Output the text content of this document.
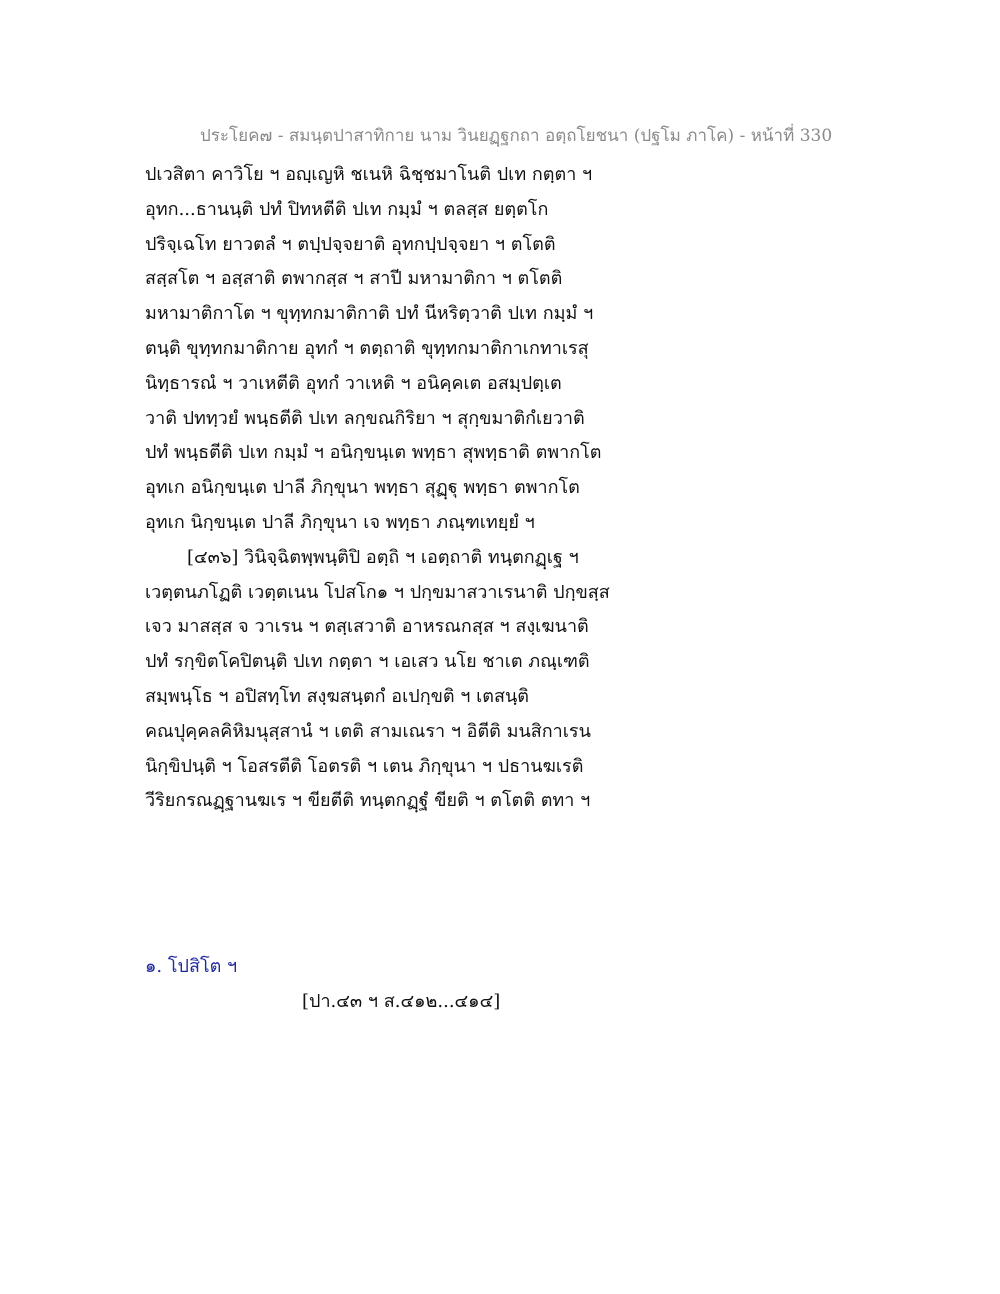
ประโยค๗ - สมนฺตปาสาทิกาย นาม วินยฏฺฐกถา อตฺถโยชนา (ปฐโม ภาโค) - หน้าที่ 330
ปเวสิตา คาวิโย ฯ อญฺเญหิ ชเนหิ ฉิชฺชมาโนติ ปเท กตฺตา ฯ
อุทก...ธานนฺติ ปทํ ปิทหตีติ ปเท กมฺมํ ฯ ตลสฺส ยตฺตโก
ปริจฺเฉโท ยาวตลํ ฯ ตปฺปจฺจยาติ อุทกปฺปจฺจยา ฯ ตโตติ
สสฺสโต ฯ อสฺสาติ ตพากสฺส ฯ สาปี มหามาติกา ฯ ตโตติ
มหามาติกาโต ฯ ขุทฺทกมาติกาติ ปทํ นีหริตฺวาติ ปเท กมฺมํ ฯ
ตนฺติ ขุทฺทกมาติกาย อุทกํ ฯ ตตฺถาติ ขุทฺทกมาติกาเกทาเรสุ
นิทฺธารณํ ฯ วาเหตีติ อุทกํ วาเหติ ฯ อนิคฺคเต อสมฺปตฺเต
วาติ ปททฺวยํ พนฺธตีติ ปเท ลกฺขณกิริยา ฯ สุกฺขมาติกํเยวาติ
ปทํ พนฺธตีติ ปเท กมฺมํ ฯ อนิกฺขนฺเต พทฺธา สุพทฺธาติ ตพากโต
อุทเก อนิกฺขนฺเต ปาลี ภิกฺขุนา พทฺธา สุฏฺฐุ พทฺธา ตพากโต
อุทเก นิกฺขนฺเต ปาลี ภิกฺขุนา เจ พทฺธา ภณฺฑเทยฺยํ ฯ
[๔๓๖] วินิจฺฉิตพฺพนฺติปิ อตฺถิ ฯ เอตฺถาติ ทนฺตกฏฺเฐ ฯ
เวตฺตนภโฏติ เวตฺตเนน โปสโก๑ ฯ ปกฺขมาสวาเรนาติ ปกฺขสฺส
เจว มาสสฺส จ วาเรน ฯ ตสฺเสวาติ อาหรณกสฺส ฯ สงฺเฆนาติ
ปทํ รกฺขิตโคปิตนฺติ ปเท กตฺตา ฯ เอเสว นโย ชาเต ภณฺเฑติ
สมฺพนฺโธ ฯ อปิสทฺโท สงฺฆสนฺตกํ อเปกฺขติ ฯ เตสนฺติ
คณปุคฺคลคิหิมนุสฺสานํ ฯ เตติ สามเณรา ฯ อิตีติ มนสิกาเรน
นิกฺขิปนฺติ ฯ โอสรตีติ โอตรติ ฯ เตน ภิกฺขุนา ฯ ปธานฆเรติ
วีริยกรณฏฺฐานฆเร ฯ ขียตีติ ทนฺตกฏฺฐํ ขียติ ฯ ตโตติ ตทา ฯ
๑. โปสิโต ฯ
[ปา.๔๓ ฯ ส.๔๑๒...๔๑๔]
